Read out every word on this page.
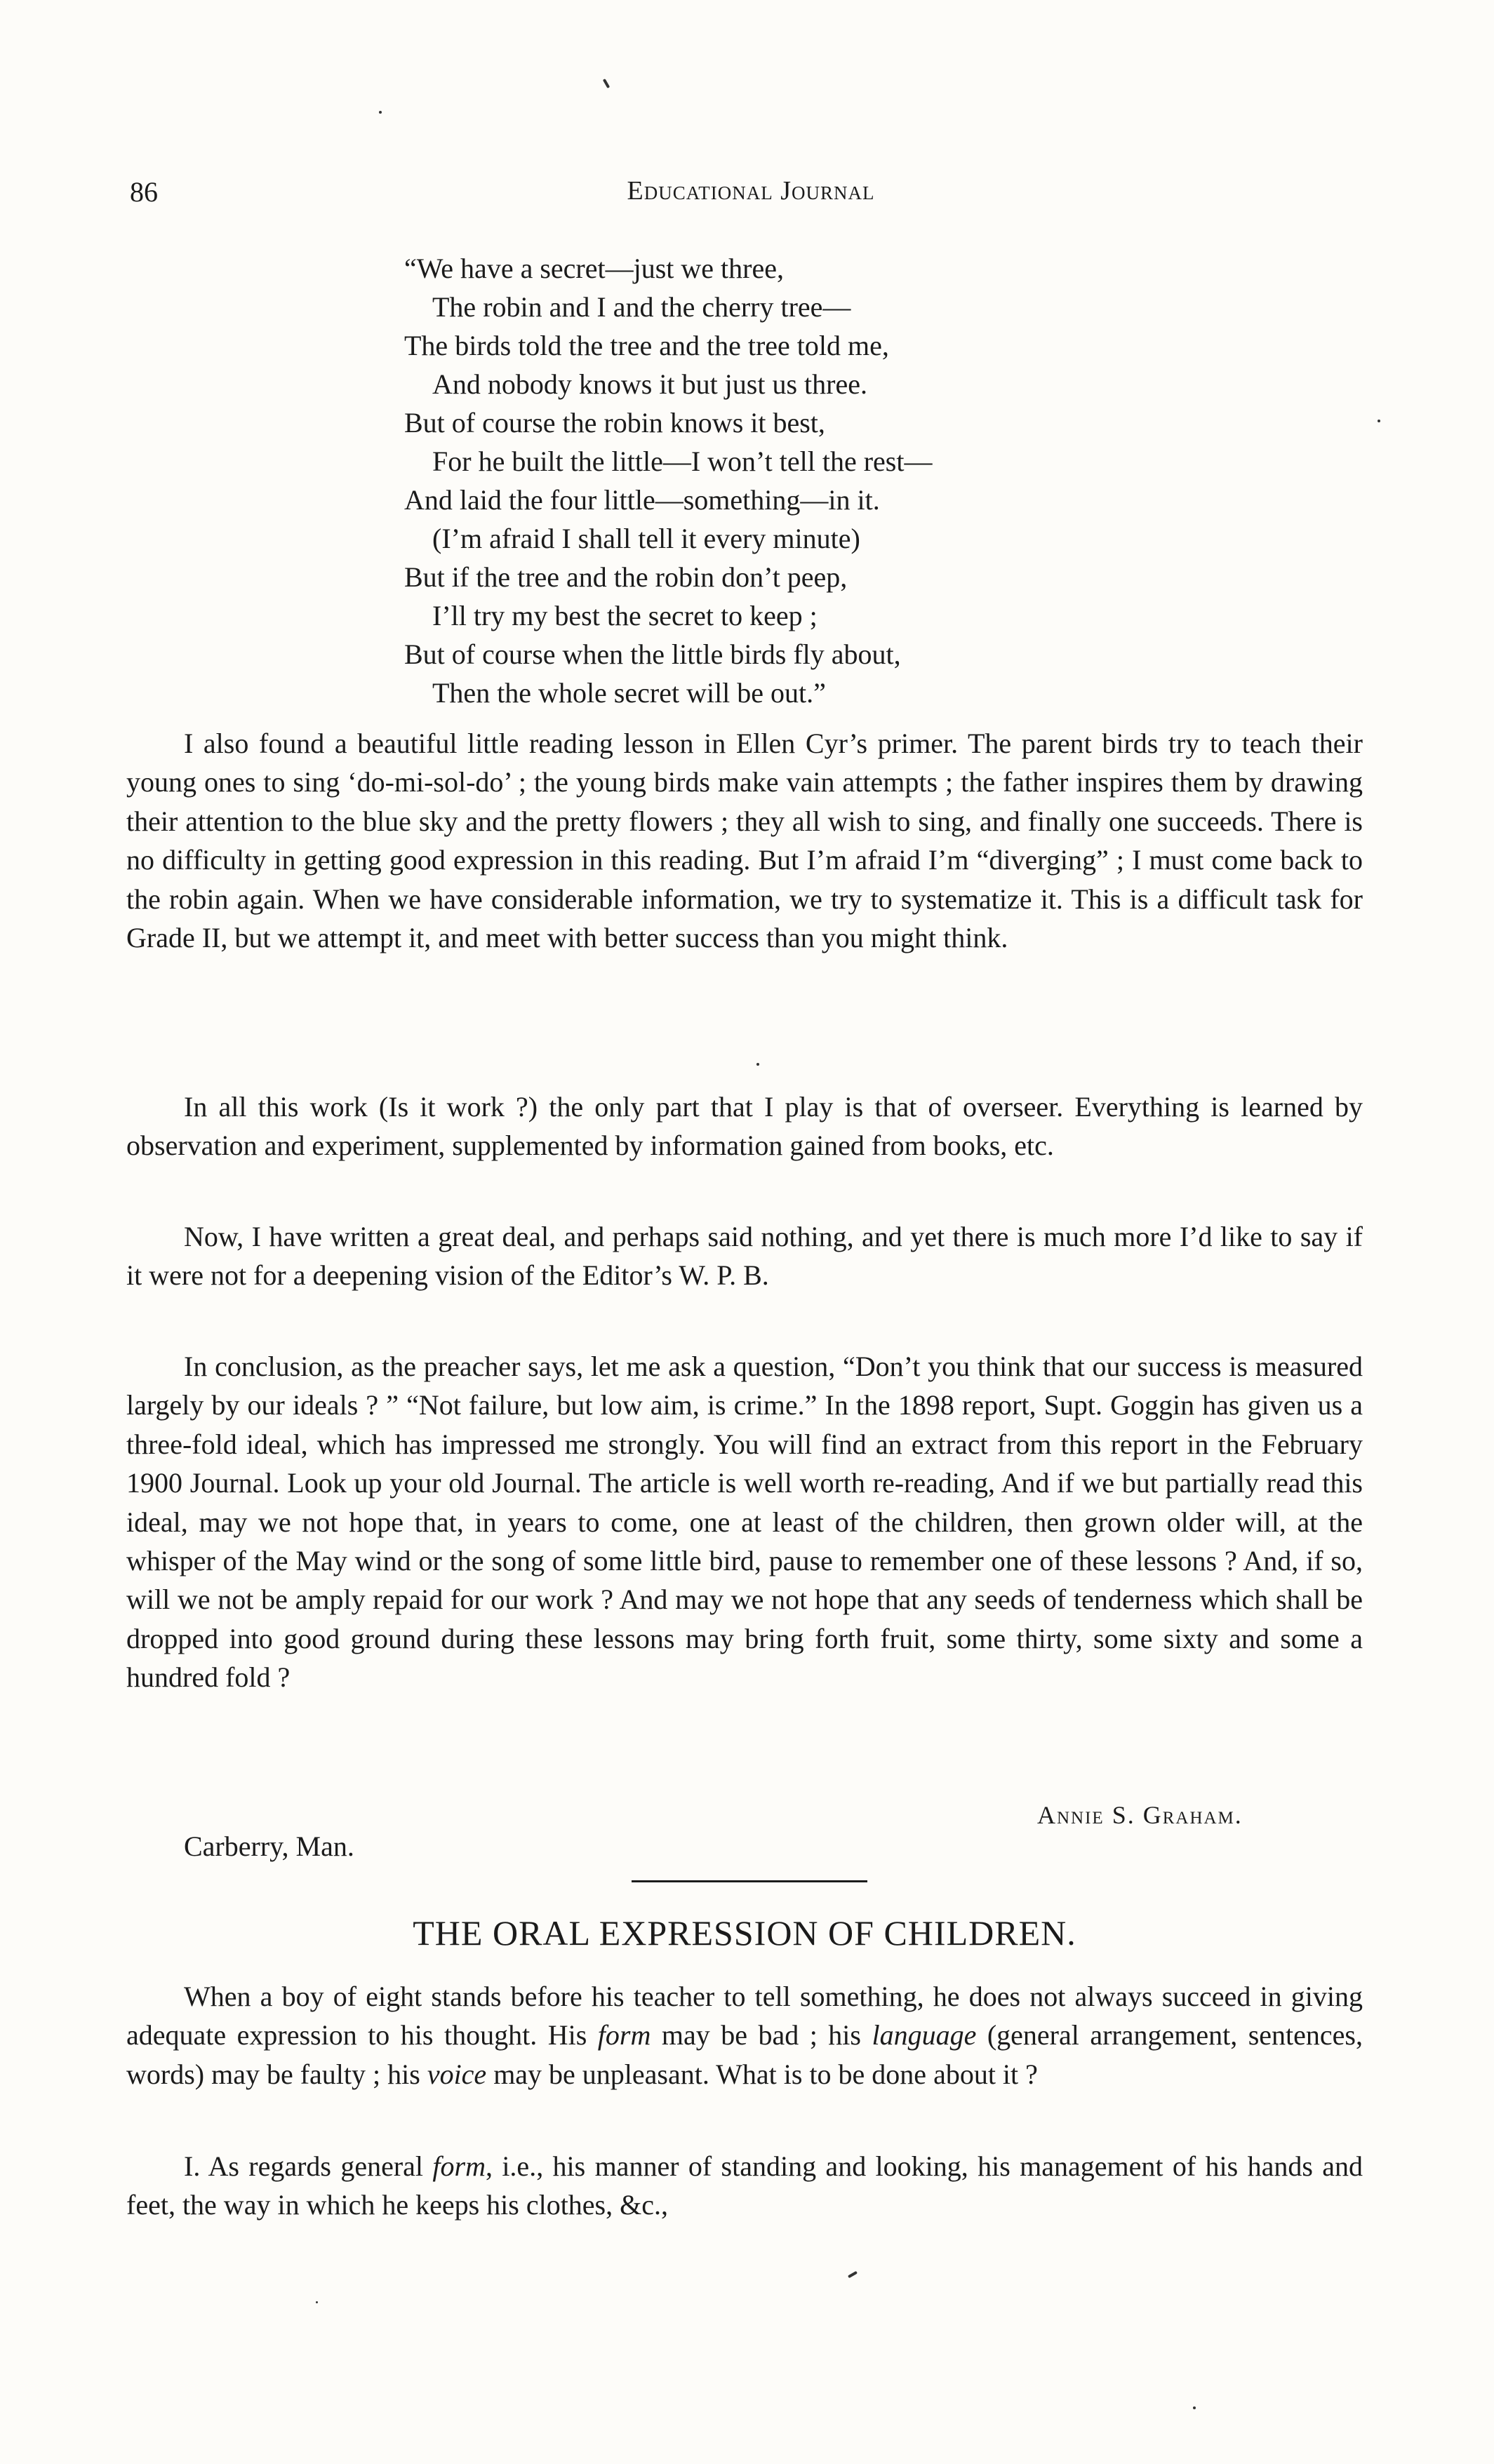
86	Educational Journal
“We have a secret—just we three,
The robin and I and the cherry tree—
The birds told the tree and the tree told me,
And nobody knows it but just us three.
But of course the robin knows it best,
For he built the little—I won’t tell the rest—
And laid the four little—something—in it.
(I’m afraid I shall tell it every minute)
But if the tree and the robin don’t peep,
I’ll try my best the secret to keep ;
But of course when the little birds fly about,
Then the whole secret will be out.”

I also found a beautiful little reading lesson in Ellen Cyr’s primer. The parent birds try to teach their young ones to sing ‘do-mi-sol-do’ ; the young birds make vain attempts ; the father inspires them by drawing their attention to the blue sky and the pretty flowers ; they all wish to sing, and finally one succeeds. There is no difficulty in getting good expression in this reading. But I’m afraid I’m “diverging” ; I must come back to the robin again. When we have considerable information, we try to systematize it. This is a difficult task for Grade II, but we attempt it, and meet with better success than you might think.

In all this work (Is it work ?) the only part that I play is that of overseer. Everything is learned by observation and experiment, supplemented by information gained from books, etc.

Now, I have written a great deal, and perhaps said nothing, and yet there is much more I’d like to say if it were not for a deepening vision of the Editor’s W. P. B.

In conclusion, as the preacher says, let me ask a question, “Don’t you think that our success is measured largely by our ideals ? ” “Not failure, but low aim, is crime.” In the 1898 report, Supt. Goggin has given us a three-fold ideal, which has impressed me strongly. You will find an extract from this report in the February 1900 Journal. Look up your old Journal. The article is well worth re-reading, And if we but partially read this ideal, may we not hope that, in years to come, one at least of the children, then grown older will, at the whisper of the May wind or the song of some little bird, pause to remember one of these lessons ? And, if so, will we not be amply repaid for our work ? And may we not hope that any seeds of tenderness which shall be dropped into good ground during these lessons may bring forth fruit, some thirty, some sixty and some a hundred fold ?

Annie S. Graham.
Carberry, Man.
THE ORAL EXPRESSION OF CHILDREN.

When a boy of eight stands before his teacher to tell something, he does not always succeed in giving adequate expression to his thought. His form may be bad ; his language (general arrangement, sentences, words) may be faulty ; his voice may be unpleasant. What is to be done about it ?

I. As regards general form, i.e., his manner of standing and looking, his management of his hands and feet, the way in which he keeps his clothes, &c.,
